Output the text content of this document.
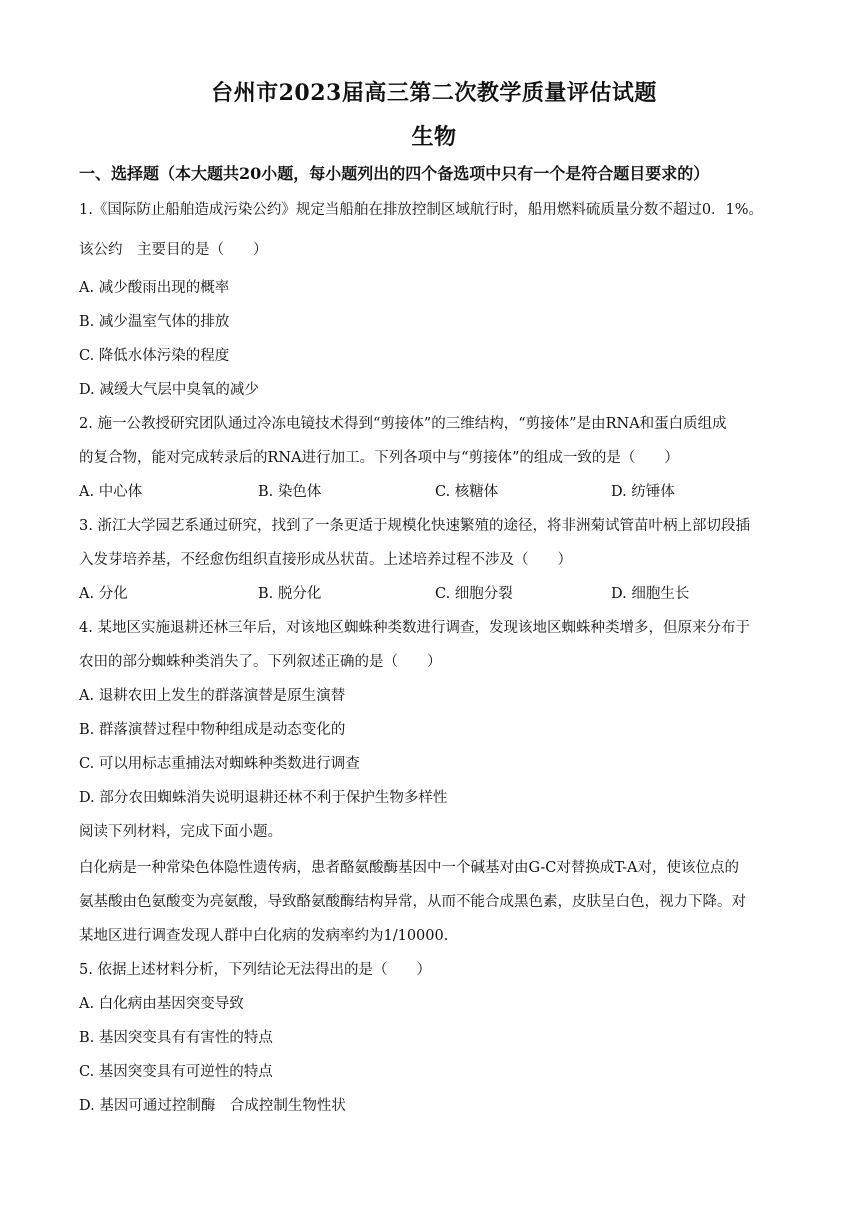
台州市2023届高三第二次教学质量评估试题
生物
一、选择题（本大题共20小题，每小题列出的四个备选项中只有一个是符合题目要求的）
1.《国际防止船舶造成污染公约》规定当船舶在排放控制区域航行时，船用燃料硫质量分数不超过0．1%。
该公约　主要目的是（　　）
A. 减少酸雨出现的概率
B. 减少温室气体的排放
C. 降低水体污染的程度
D. 减缓大气层中臭氧的减少
2. 施一公教授研究团队通过冷冻电镜技术得到“剪接体”的三维结构，“剪接体”是由RNA和蛋白质组成
的复合物，能对完成转录后的RNA进行加工。下列各项中与“剪接体”的组成一致的是（　　）
A. 中心体	B. 染色体	C. 核糖体	D. 纺锤体
3. 浙江大学园艺系通过研究，找到了一条更适于规模化快速繁殖的途径，将非洲菊试管苗叶柄上部切段插
入发芽培养基，不经愈伤组织直接形成丛状苗。上述培养过程不涉及（　　）
A. 分化	B. 脱分化	C. 细胞分裂	D. 细胞生长
4. 某地区实施退耕还林三年后，对该地区蜘蛛种类数进行调查，发现该地区蜘蛛种类增多，但原来分布于
农田的部分蜘蛛种类消失了。下列叙述正确的是（　　）
A. 退耕农田上发生的群落演替是原生演替
B. 群落演替过程中物种组成是动态变化的
C. 可以用标志重捕法对蜘蛛种类数进行调查
D. 部分农田蜘蛛消失说明退耕还林不利于保护生物多样性
阅读下列材料，完成下面小题。
白化病是一种常染色体隐性遗传病，患者酪氨酸酶基因中一个碱基对由G-C对替换成T-A对，使该位点的
氨基酸由色氨酸变为亮氨酸，导致酪氨酸酶结构异常，从而不能合成黑色素，皮肤呈白色，视力下降。对
某地区进行调查发现人群中白化病的发病率约为1/10000.
5. 依据上述材料分析，下列结论无法得出的是（　　）
A. 白化病由基因突变导致
B. 基因突变具有有害性的特点
C. 基因突变具有可逆性的特点
D. 基因可通过控制酶　合成控制生物性状
